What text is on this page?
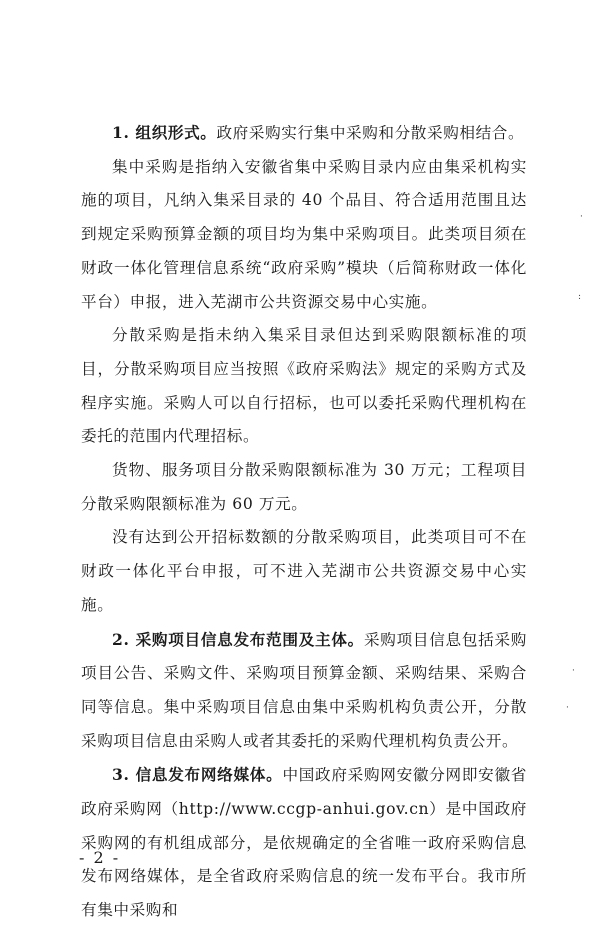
1. 组织形式。政府采购实行集中采购和分散采购相结合。

集中采购是指纳入安徽省集中采购目录内应由集采机构实施的项目，凡纳入集采目录的 40 个品目、符合适用范围且达到规定采购预算金额的项目均为集中采购项目。此类项目须在财政一体化管理信息系统“政府采购”模块（后简称财政一体化平台）申报，进入芜湖市公共资源交易中心实施。

分散采购是指未纳入集采目录但达到采购限额标准的项目，分散采购项目应当按照《政府采购法》规定的采购方式及程序实施。采购人可以自行招标，也可以委托采购代理机构在委托的范围内代理招标。

货物、服务项目分散采购限额标准为 30 万元；工程项目分散采购限额标准为 60 万元。

没有达到公开招标数额的分散采购项目，此类项目可不在财政一体化平台申报，可不进入芜湖市公共资源交易中心实施。

2. 采购项目信息发布范围及主体。采购项目信息包括采购项目公告、采购文件、采购项目预算金额、采购结果、采购合同等信息。集中采购项目信息由集中采购机构负责公开，分散采购项目信息由采购人或者其委托的采购代理机构负责公开。

3. 信息发布网络媒体。中国政府采购网安徽分网即安徽省政府采购网（http://www.ccgp-anhui.gov.cn）是中国政府采购网的有机组成部分，是依规确定的全省唯一政府采购信息发布网络媒体，是全省政府采购信息的统一发布平台。我市所有集中采购和

- 2 -
·
:
·
·
